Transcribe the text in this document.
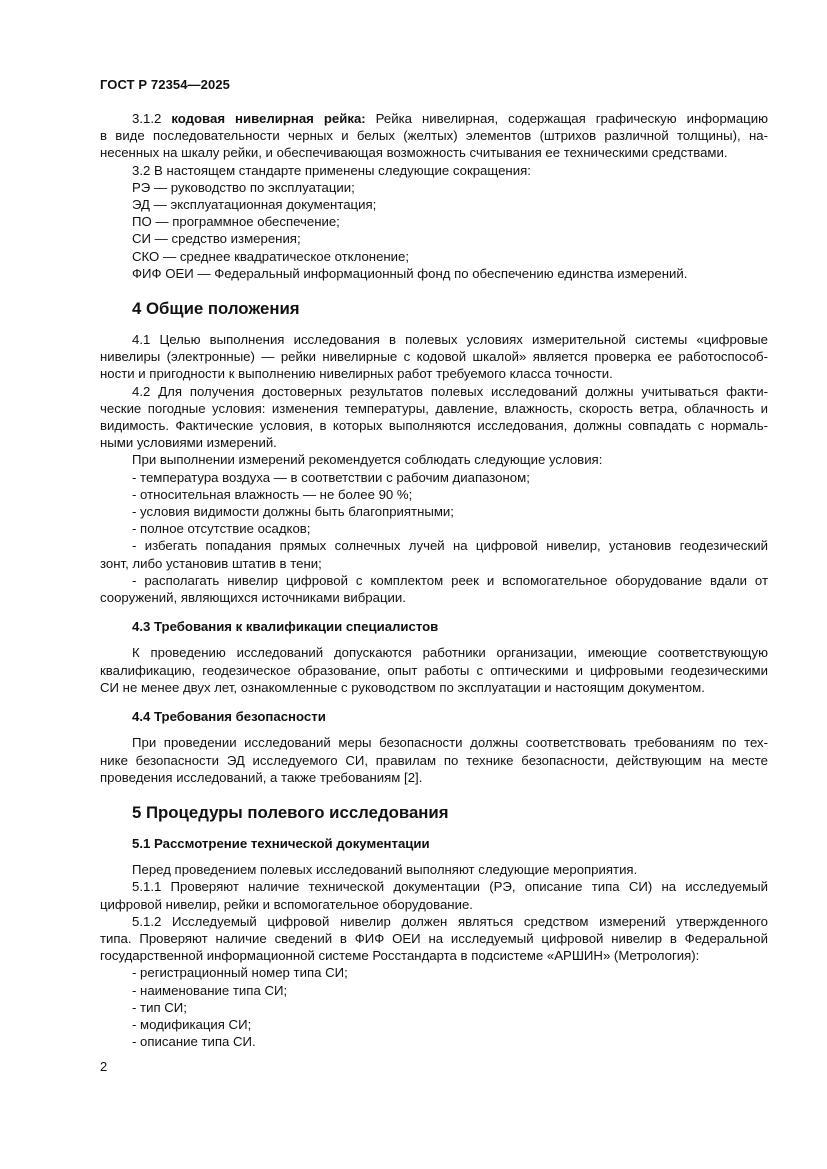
ГОСТ Р 72354—2025

3.1.2 кодовая нивелирная рейка: Рейка нивелирная, содержащая графическую информацию

в виде последовательности черных и белых (желтых) элементов (штрихов различной толщины), на-

несенных на шкалу рейки, и обеспечивающая возможность считывания ее техническими средствами.

3.2 В настоящем стандарте применены следующие сокращения:

РЭ — руководство по эксплуатации;

ЭД — эксплуатационная документация;

ПО — программное обеспечение;

СИ — средство измерения;

СКО — среднее квадратическое отклонение;

ФИФ ОЕИ — Федеральный информационный фонд по обеспечению единства измерений.

4 Общие положения

4.1 Целью выполнения исследования в полевых условиях измерительной системы «цифровые

нивелиры (электронные) — рейки нивелирные с кодовой шкалой» является проверка ее работоспособ-

ности и пригодности к выполнению нивелирных работ требуемого класса точности.

4.2 Для получения достоверных результатов полевых исследований должны учитываться факти-

ческие погодные условия: изменения температуры, давление, влажность, скорость ветра, облачность и

видимость. Фактические условия, в которых выполняются исследования, должны совпадать с нормаль-

ными условиями измерений.

При выполнении измерений рекомендуется соблюдать следующие условия:

- температура воздуха — в соответствии с рабочим диапазоном;

- относительная влажность — не более 90 %;

- условия видимости должны быть благоприятными;

- полное отсутствие осадков;

- избегать попадания прямых солнечных лучей на цифровой нивелир, установив геодезический

зонт, либо установив штатив в тени;

- располагать нивелир цифровой с комплектом реек и вспомогательное оборудование вдали от

сооружений, являющихся источниками вибрации.

4.3 Требования к квалификации специалистов

К проведению исследований допускаются работники организации, имеющие соответствующую

квалификацию, геодезическое образование, опыт работы с оптическими и цифровыми геодезическими

СИ не менее двух лет, ознакомленные с руководством по эксплуатации и настоящим документом.

4.4 Требования безопасности

При проведении исследований меры безопасности должны соответствовать требованиям по тех-

нике безопасности ЭД исследуемого СИ, правилам по технике безопасности, действующим на месте

проведения исследований, а также требованиям [2].

5 Процедуры полевого исследования
5.1 Рассмотрение технической документации

Перед проведением полевых исследований выполняют следующие мероприятия.

5.1.1 Проверяют наличие технической документации (РЭ, описание типа СИ) на исследуемый

цифровой нивелир, рейки и вспомогательное оборудование.

5.1.2 Исследуемый цифровой нивелир должен являться средством измерений утвержденного

типа. Проверяют наличие сведений в ФИФ ОЕИ на исследуемый цифровой нивелир в Федеральной

государственной информационной системе Росстандарта в подсистеме «АРШИН» (Метрология):

- регистрационный номер типа СИ;

- наименование типа СИ;

- тип СИ;

- модификация СИ;

- описание типа СИ.

2
